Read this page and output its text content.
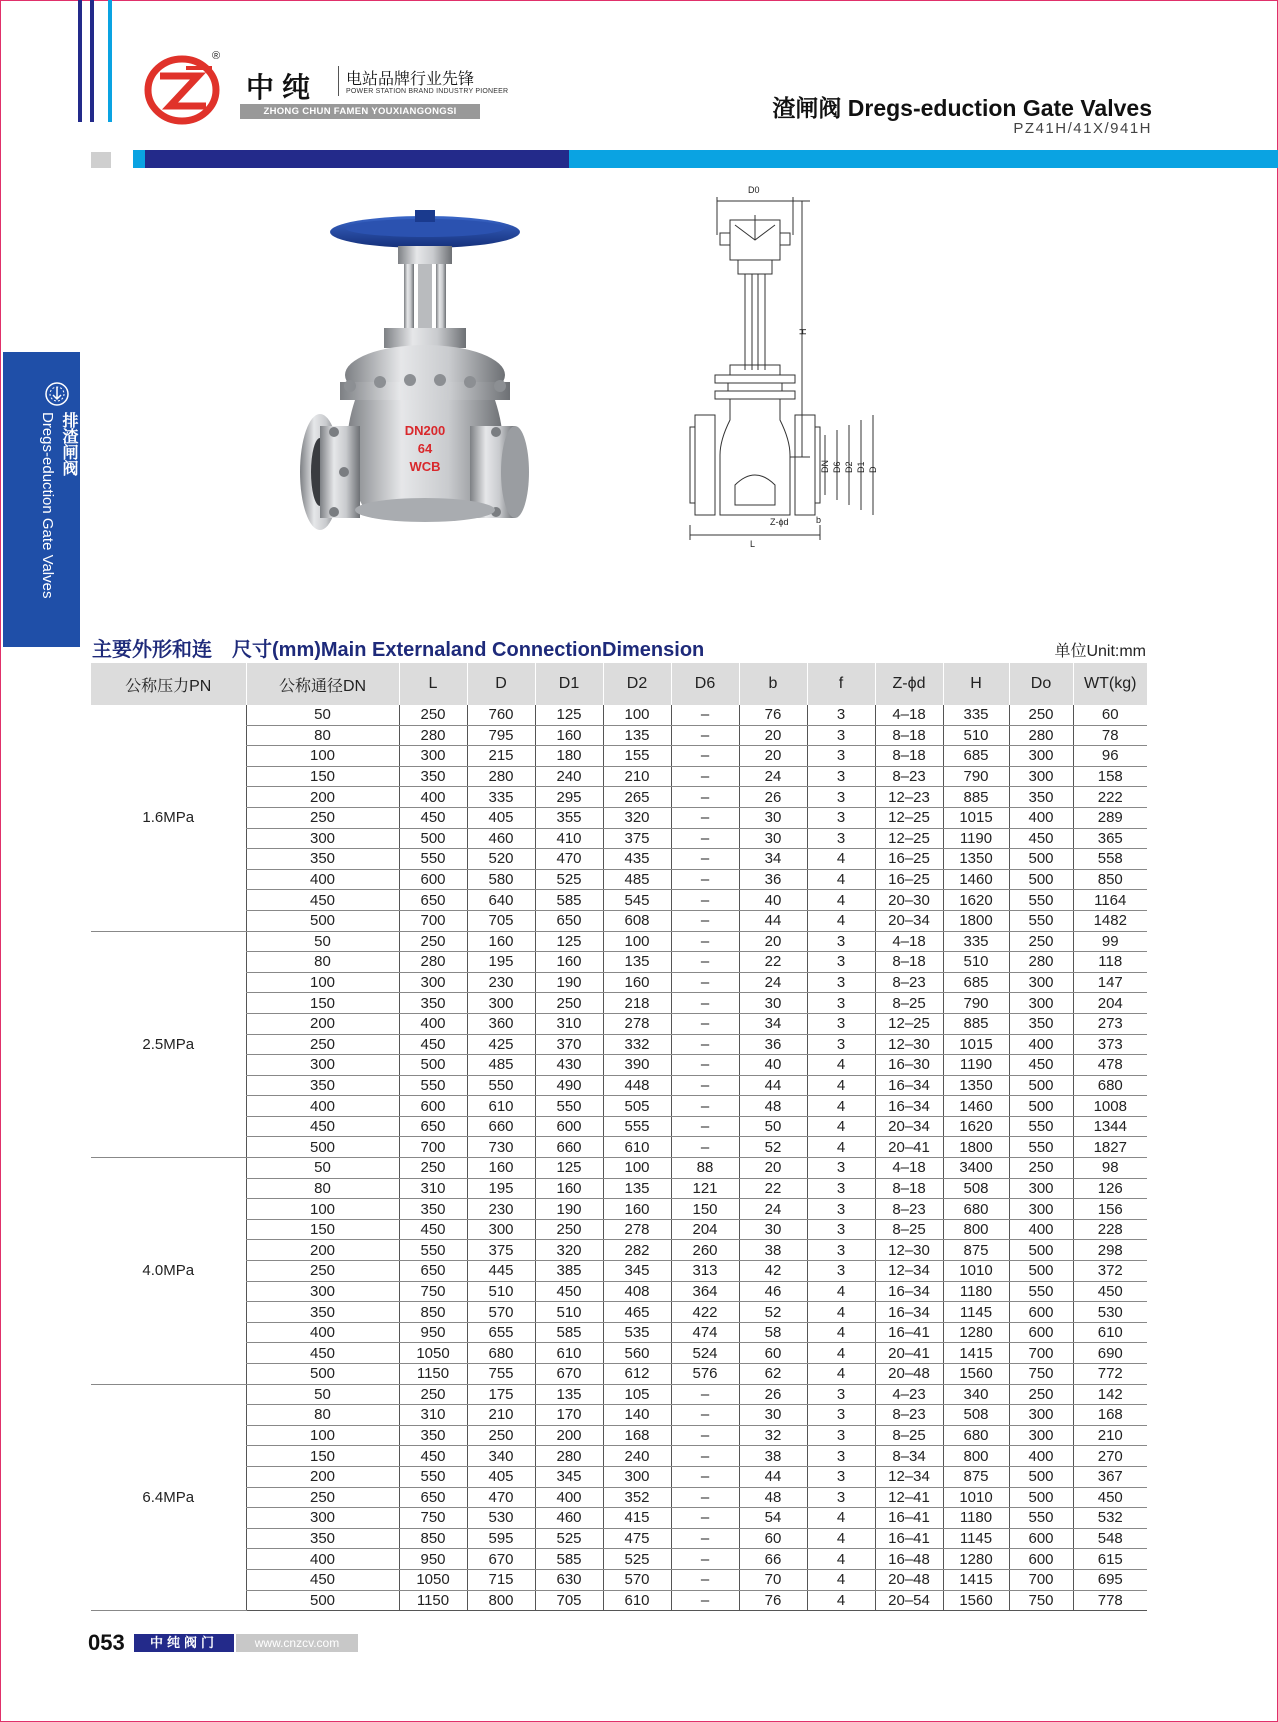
®
中纯 电站品牌行业先锋
POWER STATION BRAND INDUSTRY PIONEER
ZHONG CHUN FAMEN YOUXIANGONGSI	渣闸阀 Dregs-eduction Gate Valves
PZ41H/41X/941H
排渣闸阀
Dregs-eduction Gate Valves	DN200
64
WCB
D0
H
DN D6 D2 D1 D
b
Z-ϕd
L
主要外形和连　尺寸(mm)Main Externaland ConnectionDimension	单位Unit:mm
公称压力PN	公称通径DN	L	D	D1	D2	D6	b	f	Z-ϕd	H	Do	WT(kg)
1.6MPa	50	250	760	125	100	–	76	3	4–18	335	250	60
	80	280	795	160	135	–	20	3	8–18	510	280	78
	100	300	215	180	155	–	20	3	8–18	685	300	96
	150	350	280	240	210	–	24	3	8–23	790	300	158
	200	400	335	295	265	–	26	3	12–23	885	350	222
	250	450	405	355	320	–	30	3	12–25	1015	400	289
	300	500	460	410	375	–	30	3	12–25	1190	450	365
	350	550	520	470	435	–	34	4	16–25	1350	500	558
	400	600	580	525	485	–	36	4	16–25	1460	500	850
	450	650	640	585	545	–	40	4	20–30	1620	550	1164
	500	700	705	650	608	–	44	4	20–34	1800	550	1482
2.5MPa	50	250	160	125	100	–	20	3	4–18	335	250	99
	80	280	195	160	135	–	22	3	8–18	510	280	118
	100	300	230	190	160	–	24	3	8–23	685	300	147
	150	350	300	250	218	–	30	3	8–25	790	300	204
	200	400	360	310	278	–	34	3	12–25	885	350	273
	250	450	425	370	332	–	36	3	12–30	1015	400	373
	300	500	485	430	390	–	40	4	16–30	1190	450	478
	350	550	550	490	448	–	44	4	16–34	1350	500	680
	400	600	610	550	505	–	48	4	16–34	1460	500	1008
	450	650	660	600	555	–	50	4	20–34	1620	550	1344
	500	700	730	660	610	–	52	4	20–41	1800	550	1827
4.0MPa	50	250	160	125	100	88	20	3	4–18	3400	250	98
	80	310	195	160	135	121	22	3	8–18	508	300	126
	100	350	230	190	160	150	24	3	8–23	680	300	156
	150	450	300	250	278	204	30	3	8–25	800	400	228
	200	550	375	320	282	260	38	3	12–30	875	500	298
	250	650	445	385	345	313	42	3	12–34	1010	500	372
	300	750	510	450	408	364	46	4	16–34	1180	550	450
	350	850	570	510	465	422	52	4	16–34	1145	600	530
	400	950	655	585	535	474	58	4	16–41	1280	600	610
	450	1050	680	610	560	524	60	4	20–41	1415	700	690
	500	1150	755	670	612	576	62	4	20–48	1560	750	772
6.4MPa	50	250	175	135	105	–	26	3	4–23	340	250	142
	80	310	210	170	140	–	30	3	8–23	508	300	168
	100	350	250	200	168	–	32	3	8–25	680	300	210
	150	450	340	280	240	–	38	3	8–34	800	400	270
	200	550	405	345	300	–	44	3	12–34	875	500	367
	250	650	470	400	352	–	48	3	12–41	1010	500	450
	300	750	530	460	415	–	54	4	16–41	1180	550	532
	350	850	595	525	475	–	60	4	16–41	1145	600	548
	400	950	670	585	525	–	66	4	16–48	1280	600	615
	450	1050	715	630	570	–	70	4	20–48	1415	700	695
	500	1150	800	705	610	–	76	4	20–54	1560	750	778
053	中纯阀门	www.cnzcv.com
